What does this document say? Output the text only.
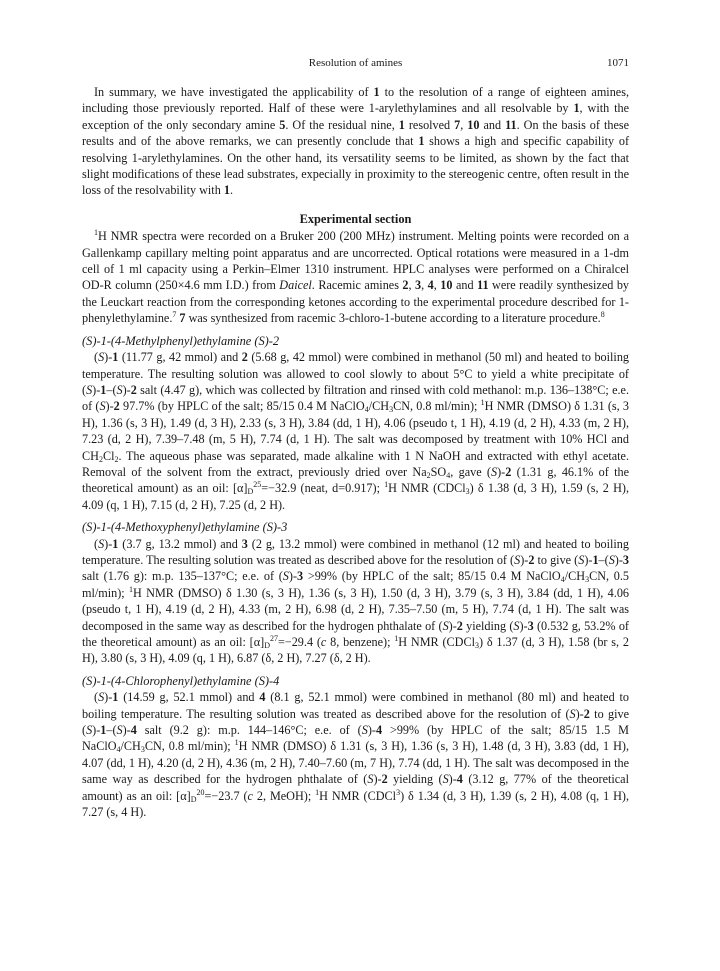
Resolution of amines	1071

In summary, we have investigated the applicability of 1 to the resolution of a range of eighteen amines, including those previously reported. Half of these were 1-arylethylamines and all resolvable by 1, with the exception of the only secondary amine 5. Of the residual nine, 1 resolved 7, 10 and 11. On the basis of these results and of the above remarks, we can presently conclude that 1 shows a high and specific capability of resolving 1-arylethylamines. On the other hand, its versatility seems to be limited, as shown by the fact that slight modifications of these lead substrates, expecially in proximity to the stereogenic centre, often result in the loss of the resolvability with 1.

Experimental section

$^1$H NMR spectra were recorded on a Bruker 200 (200 MHz) instrument. Melting points were recorded on a Gallenkamp capillary melting point apparatus and are uncorrected. Optical rotations were measured in a 1-dm cell of 1 ml capacity using a Perkin–Elmer 1310 instrument. HPLC analyses were performed on a Chiralcel OD-R column (250×4.6 mm I.D.) from Daicel. Racemic amines 2, 3, 4, 10 and 11 were readily synthesized by the Leuckart reaction from the corresponding ketones according to the experimental procedure described for 1-phenylethylamine.$^7$ 7 was synthesized from racemic 3-chloro-1-butene according to a literature procedure.$^8$

(S)-1-(4-Methylphenyl)ethylamine (S)-2

(S)-1 (11.77 g, 42 mmol) and 2 (5.68 g, 42 mmol) were combined in methanol (50 ml) and heated to boiling temperature. The resulting solution was allowed to cool slowly to about 5°C to yield a white precipitate of (S)-1–(S)-2 salt (4.47 g), which was collected by filtration and rinsed with cold methanol: m.p. 136–138°C; e.e. of (S)-2 97.7% (by HPLC of the salt; 85/15 0.4 M $NaClO_4/CH_3CN$, 0.8 ml/min); $^1$H NMR (DMSO) δ 1.31 (s, 3 H), 1.36 (s, 3 H), 1.49 (d, 3 H), 2.33 (s, 3 H), 3.84 (dd, 1 H), 4.06 (pseudo t, 1 H), 4.19 (d, 2 H), 4.33 (m, 2 H), 7.23 (d, 2 H), 7.39–7.48 (m, 5 H), 7.74 (d, 1 H). The salt was decomposed by treatment with 10% HCl and $CH_2Cl_2$. The aqueous phase was separated, made alkaline with 1 N NaOH and extracted with ethyl acetate. Removal of the solvent from the extract, previously dried over $Na_2SO_4$, gave (S)-2 (1.31 g, 46.1% of the theoretical amount) as an oil: $[\alpha]_D^{25}=-32.9$ (neat, d=0.917); $^1$H NMR (CDCl$_3$) δ 1.38 (d, 3 H), 1.59 (s, 2 H), 4.09 (q, 1 H), 7.15 (d, 2 H), 7.25 (d, 2 H).

(S)-1-(4-Methoxyphenyl)ethylamine (S)-3

(S)-1 (3.7 g, 13.2 mmol) and 3 (2 g, 13.2 mmol) were combined in methanol (12 ml) and heated to boiling temperature. The resulting solution was treated as described above for the resolution of (S)-2 to give (S)-1–(S)-3 salt (1.76 g): m.p. 135–137°C; e.e. of (S)-3 >99% (by HPLC of the salt; 85/15 0.4 M $NaClO_4/CH_3CN$, 0.5 ml/min); $^1$H NMR (DMSO) δ 1.30 (s, 3 H), 1.36 (s, 3 H), 1.50 (d, 3 H), 3.79 (s, 3 H), 3.84 (dd, 1 H), 4.06 (pseudo t, 1 H), 4.19 (d, 2 H), 4.33 (m, 2 H), 6.98 (d, 2 H), 7.35–7.50 (m, 5 H), 7.74 (d, 1 H). The salt was decomposed in the same way as described for the hydrogen phthalate of (S)-2 yielding (S)-3 (0.532 g, 53.2% of the theoretical amount) as an oil: $[\alpha]_D^{27}=-29.4$ (c 8, benzene); $^1$H NMR (CDCl$_3$) δ 1.37 (d, 3 H), 1.58 (br s, 2 H), 3.80 (s, 3 H), 4.09 (q, 1 H), 6.87 (δ, 2 H), 7.27 (δ, 2 H).

(S)-1-(4-Chlorophenyl)ethylamine (S)-4

(S)-1 (14.59 g, 52.1 mmol) and 4 (8.1 g, 52.1 mmol) were combined in methanol (80 ml) and heated to boiling temperature. The resulting solution was treated as described above for the resolution of (S)-2 to give (S)-1–(S)-4 salt (9.2 g): m.p. 144–146°C; e.e. of (S)-4 >99% (by HPLC of the salt; 85/15 1.5 M $NaClO_4/CH_3CN$, 0.8 ml/min); $^1$H NMR (DMSO) δ 1.31 (s, 3 H), 1.36 (s, 3 H), 1.48 (d, 3 H), 3.83 (dd, 1 H), 4.07 (dd, 1 H), 4.20 (d, 2 H), 4.36 (m, 2 H), 7.40–7.60 (m, 7 H), 7.74 (dd, 1 H). The salt was decomposed in the same way as described for the hydrogen phthalate of (S)-2 yielding (S)-4 (3.12 g, 77% of the theoretical amount) as an oil: $[\alpha]_D^{20}=-23.7$ (c 2, MeOH); $^1$H NMR (CDCl$^3$) δ 1.34 (d, 3 H), 1.39 (s, 2 H), 4.08 (q, 1 H), 7.27 (s, 4 H).
